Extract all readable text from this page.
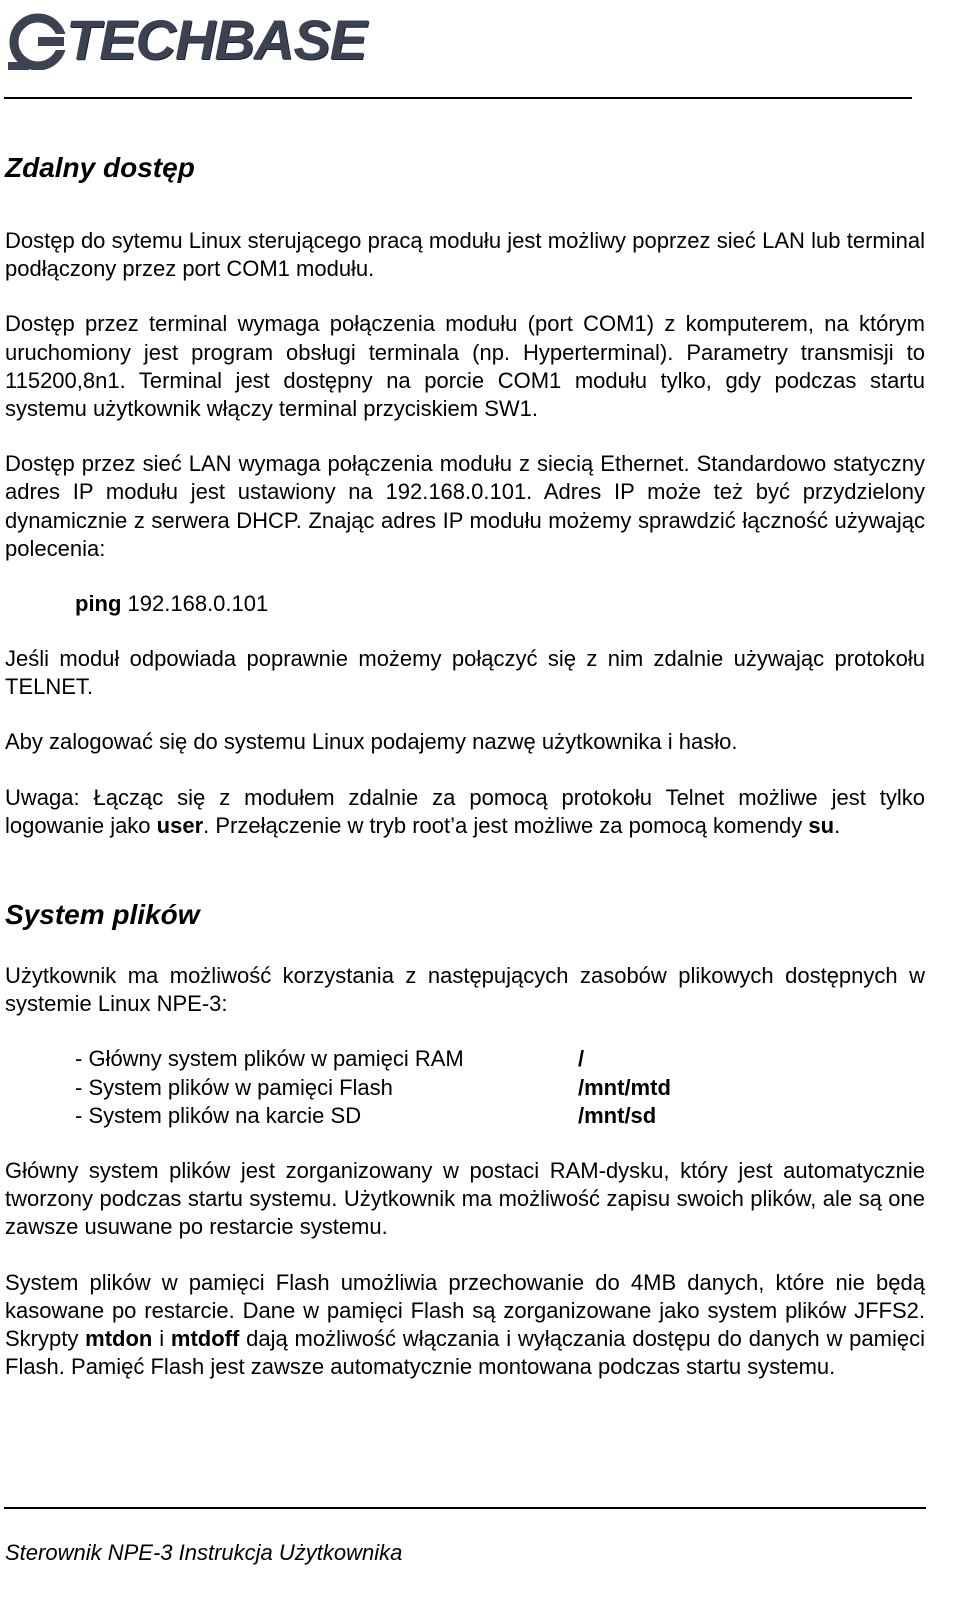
TECHBASE
Zdalny dostęp

Dostęp do sytemu Linux sterującego pracą modułu jest możliwy poprzez sieć LAN lub terminal podłączony przez port COM1 modułu.

Dostęp przez terminal wymaga połączenia modułu (port COM1) z komputerem, na którym uruchomiony jest program obsługi terminala (np. Hyperterminal). Parametry transmisji to 115200,8n1. Terminal jest dostępny na porcie COM1 modułu tylko, gdy podczas startu systemu użytkownik włączy terminal przyciskiem SW1.

Dostęp przez sieć LAN wymaga połączenia modułu z siecią Ethernet. Standardowo statyczny adres IP modułu jest ustawiony na 192.168.0.101. Adres IP może też być przydzielony dynamicznie z serwera DHCP. Znając adres IP modułu możemy sprawdzić łączność używając polecenia:

ping 192.168.0.101

Jeśli moduł odpowiada poprawnie możemy połączyć się z nim zdalnie używając protokołu TELNET.

Aby zalogować się do systemu Linux podajemy nazwę użytkownika i hasło.

Uwaga: Łącząc się z modułem zdalnie za pomocą protokołu Telnet możliwe jest tylko logowanie jako user. Przełączenie w tryb root’a jest możliwe za pomocą komendy su.

System plików

Użytkownik ma możliwość korzystania z następujących zasobów plikowych dostępnych w systemie Linux NPE-3:

- Główny system plików w pamięci RAM	/
- System plików w pamięci Flash	/mnt/mtd
- System plików na karcie SD	/mnt/sd

Główny system plików jest zorganizowany w postaci RAM-dysku, który jest automatycznie tworzony podczas startu systemu. Użytkownik ma możliwość zapisu swoich plików, ale są one zawsze usuwane po restarcie systemu.

System plików w pamięci Flash umożliwia przechowanie do 4MB danych, które nie będą kasowane po restarcie. Dane w pamięci Flash są zorganizowane jako system plików JFFS2. Skrypty mtdon i mtdoff dają możliwość włączania i wyłączania dostępu do danych w pamięci Flash. Pamięć Flash jest zawsze automatycznie montowana podczas startu systemu.

Sterownik NPE-3 Instrukcja Użytkownika
